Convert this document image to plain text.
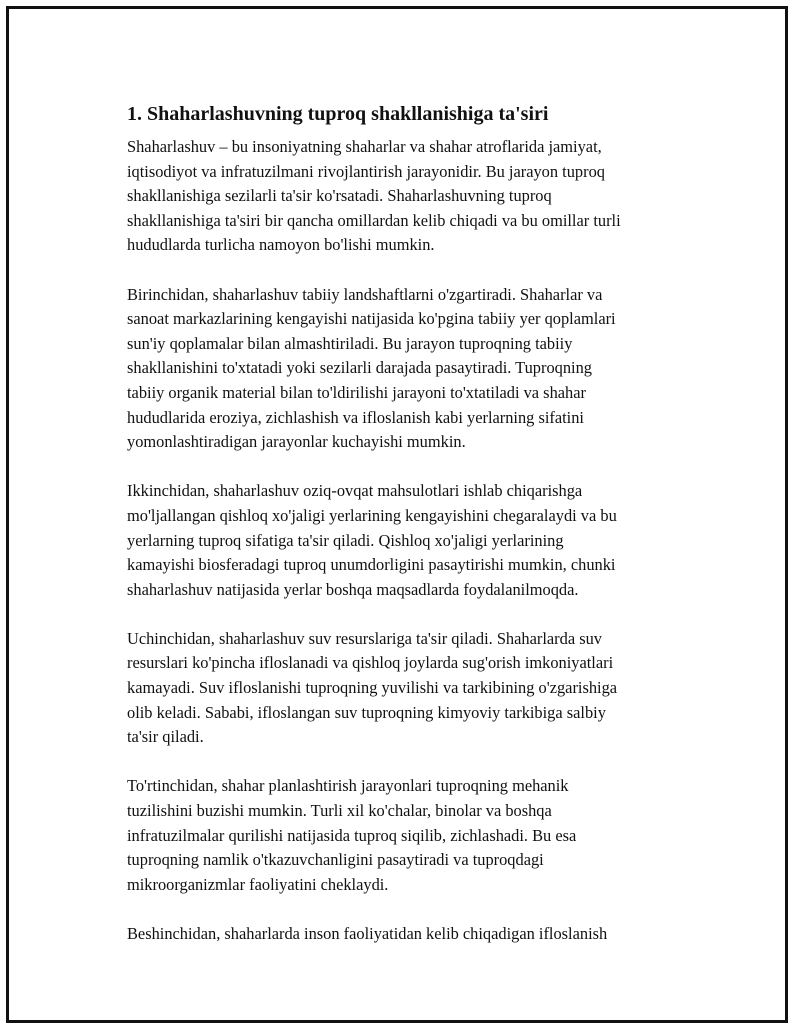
1. Shaharlashuvning tuproq shakllanishiga ta'siri
Shaharlashuv – bu insoniyatning shaharlar va shahar atroflarida jamiyat,
iqtisodiyot va infratuzilmani rivojlantirish jarayonidir. Bu jarayon tuproq
shakllanishiga sezilarli ta'sir ko'rsatadi. Shaharlashuvning tuproq
shakllanishiga ta'siri bir qancha omillardan kelib chiqadi va bu omillar turli
hududlarda turlicha namoyon bo'lishi mumkin.
Birinchidan, shaharlashuv tabiiy landshaftlarni o'zgartiradi. Shaharlar va
sanoat markazlarining kengayishi natijasida ko'pgina tabiiy yer qoplamlari
sun'iy qoplamalar bilan almashtiriladi. Bu jarayon tuproqning tabiiy
shakllanishini to'xtatadi yoki sezilarli darajada pasaytiradi. Tuproqning
tabiiy organik material bilan to'ldirilishi jarayoni to'xtatiladi va shahar
hududlarida eroziya, zichlashish va ifloslanish kabi yerlarning sifatini
yomonlashtiradigan jarayonlar kuchayishi mumkin.
Ikkinchidan, shaharlashuv oziq-ovqat mahsulotlari ishlab chiqarishga
mo'ljallangan qishloq xo'jaligi yerlarining kengayishini chegaralaydi va bu
yerlarning tuproq sifatiga ta'sir qiladi. Qishloq xo'jaligi yerlarining
kamayishi biosferadagi tuproq unumdorligini pasaytirishi mumkin, chunki
shaharlashuv natijasida yerlar boshqa maqsadlarda foydalanilmoqda.
Uchinchidan, shaharlashuv suv resurslariga ta'sir qiladi. Shaharlarda suv
resurslari ko'pincha ifloslanadi va qishloq joylarda sug'orish imkoniyatlari
kamayadi. Suv ifloslanishi tuproqning yuvilishi va tarkibining o'zgarishiga
olib keladi. Sababi, ifloslangan suv tuproqning kimyoviy tarkibiga salbiy
ta'sir qiladi.
To'rtinchidan, shahar planlashtirish jarayonlari tuproqning mehanik
tuzilishini buzishi mumkin. Turli xil ko'chalar, binolar va boshqa
infratuzilmalar qurilishi natijasida tuproq siqilib, zichlashadi. Bu esa
tuproqning namlik o'tkazuvchanligini pasaytiradi va tuproqdagi
mikroorganizmlar faoliyatini cheklaydi.
Beshinchidan, shaharlarda inson faoliyatidan kelib chiqadigan ifloslanish
